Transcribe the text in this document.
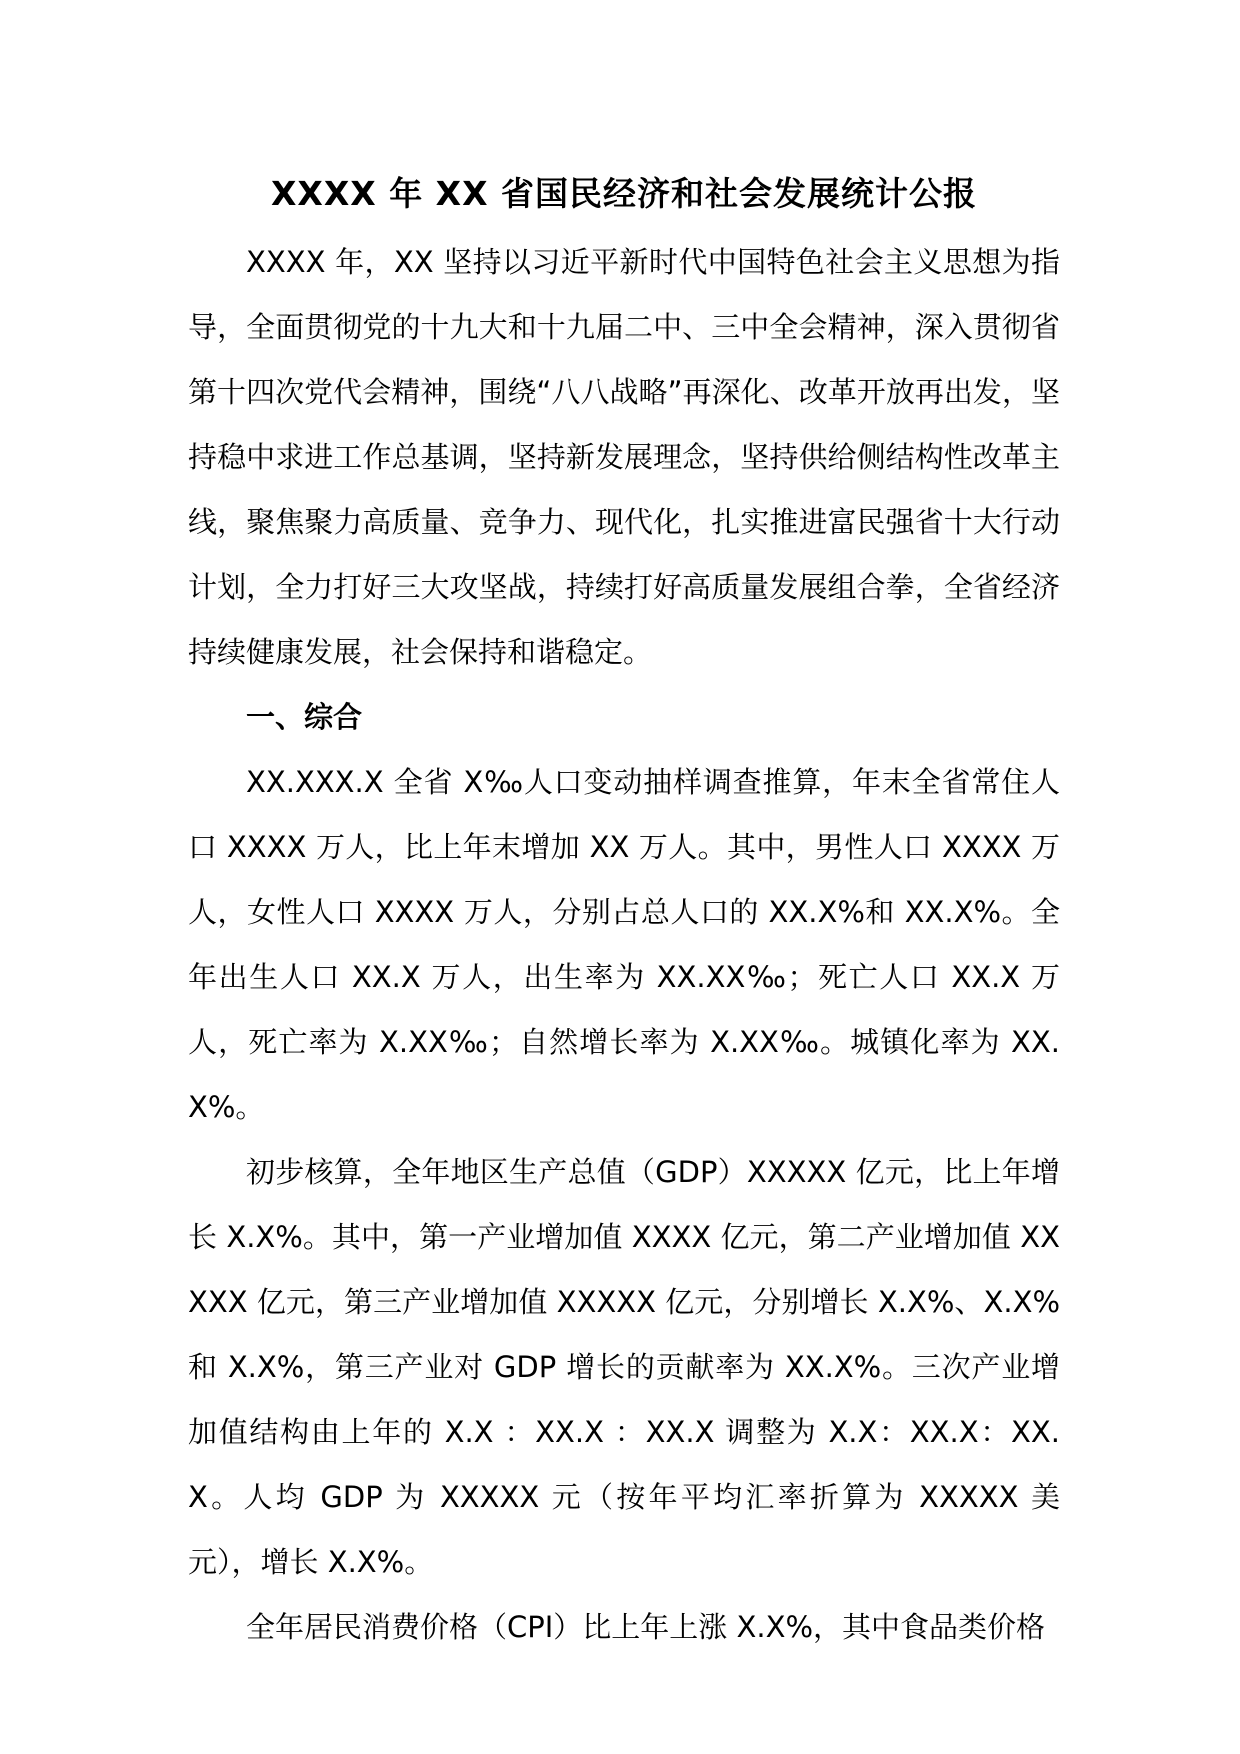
XXXX 年 XX 省国民经济和社会发展统计公报

XXXX 年，XX 坚持以习近平新时代中国特色社会主义思想为指导，全面贯彻党的十九大和十九届二中、三中全会精神，深入贯彻省第十四次党代会精神，围绕“八八战略”再深化、改革开放再出发，坚持稳中求进工作总基调，坚持新发展理念，坚持供给侧结构性改革主线，聚焦聚力高质量、竞争力、现代化，扎实推进富民强省十大行动计划，全力打好三大攻坚战，持续打好高质量发展组合拳，全省经济持续健康发展，社会保持和谐稳定。

一、综合

XX.XXX.X 全省 X‰人口变动抽样调查推算，年末全省常住人口 XXXX 万人，比上年末增加 XX 万人。其中，男性人口 XXXX 万人，女性人口 XXXX 万人，分别占总人口的 XX.X%和 XX.X%。全年出生人口 XX.X 万人，出生率为 XX.XX‰；死亡人口 XX.X 万人，死亡率为 X.XX‰；自然增长率为 X.XX‰。城镇化率为 XX.X%。

初步核算，全年地区生产总值（GDP）XXXXX 亿元，比上年增长 X.X%。其中，第一产业增加值 XXXX 亿元，第二产业增加值 XXXXX 亿元，第三产业增加值 XXXXX 亿元，分别增长 X.X%、X.X%和 X.X%，第三产业对 GDP 增长的贡献率为 XX.X%。三次产业增加值结构由上年的 X.X ：XX.X ：XX.X 调整为 X.X：XX.X：XX.X。人均 GDP 为 XXXXX 元（按年平均汇率折算为 XXXXX 美元），增长 X.X%。

全年居民消费价格（CPI）比上年上涨 X.X%，其中食品类价格
